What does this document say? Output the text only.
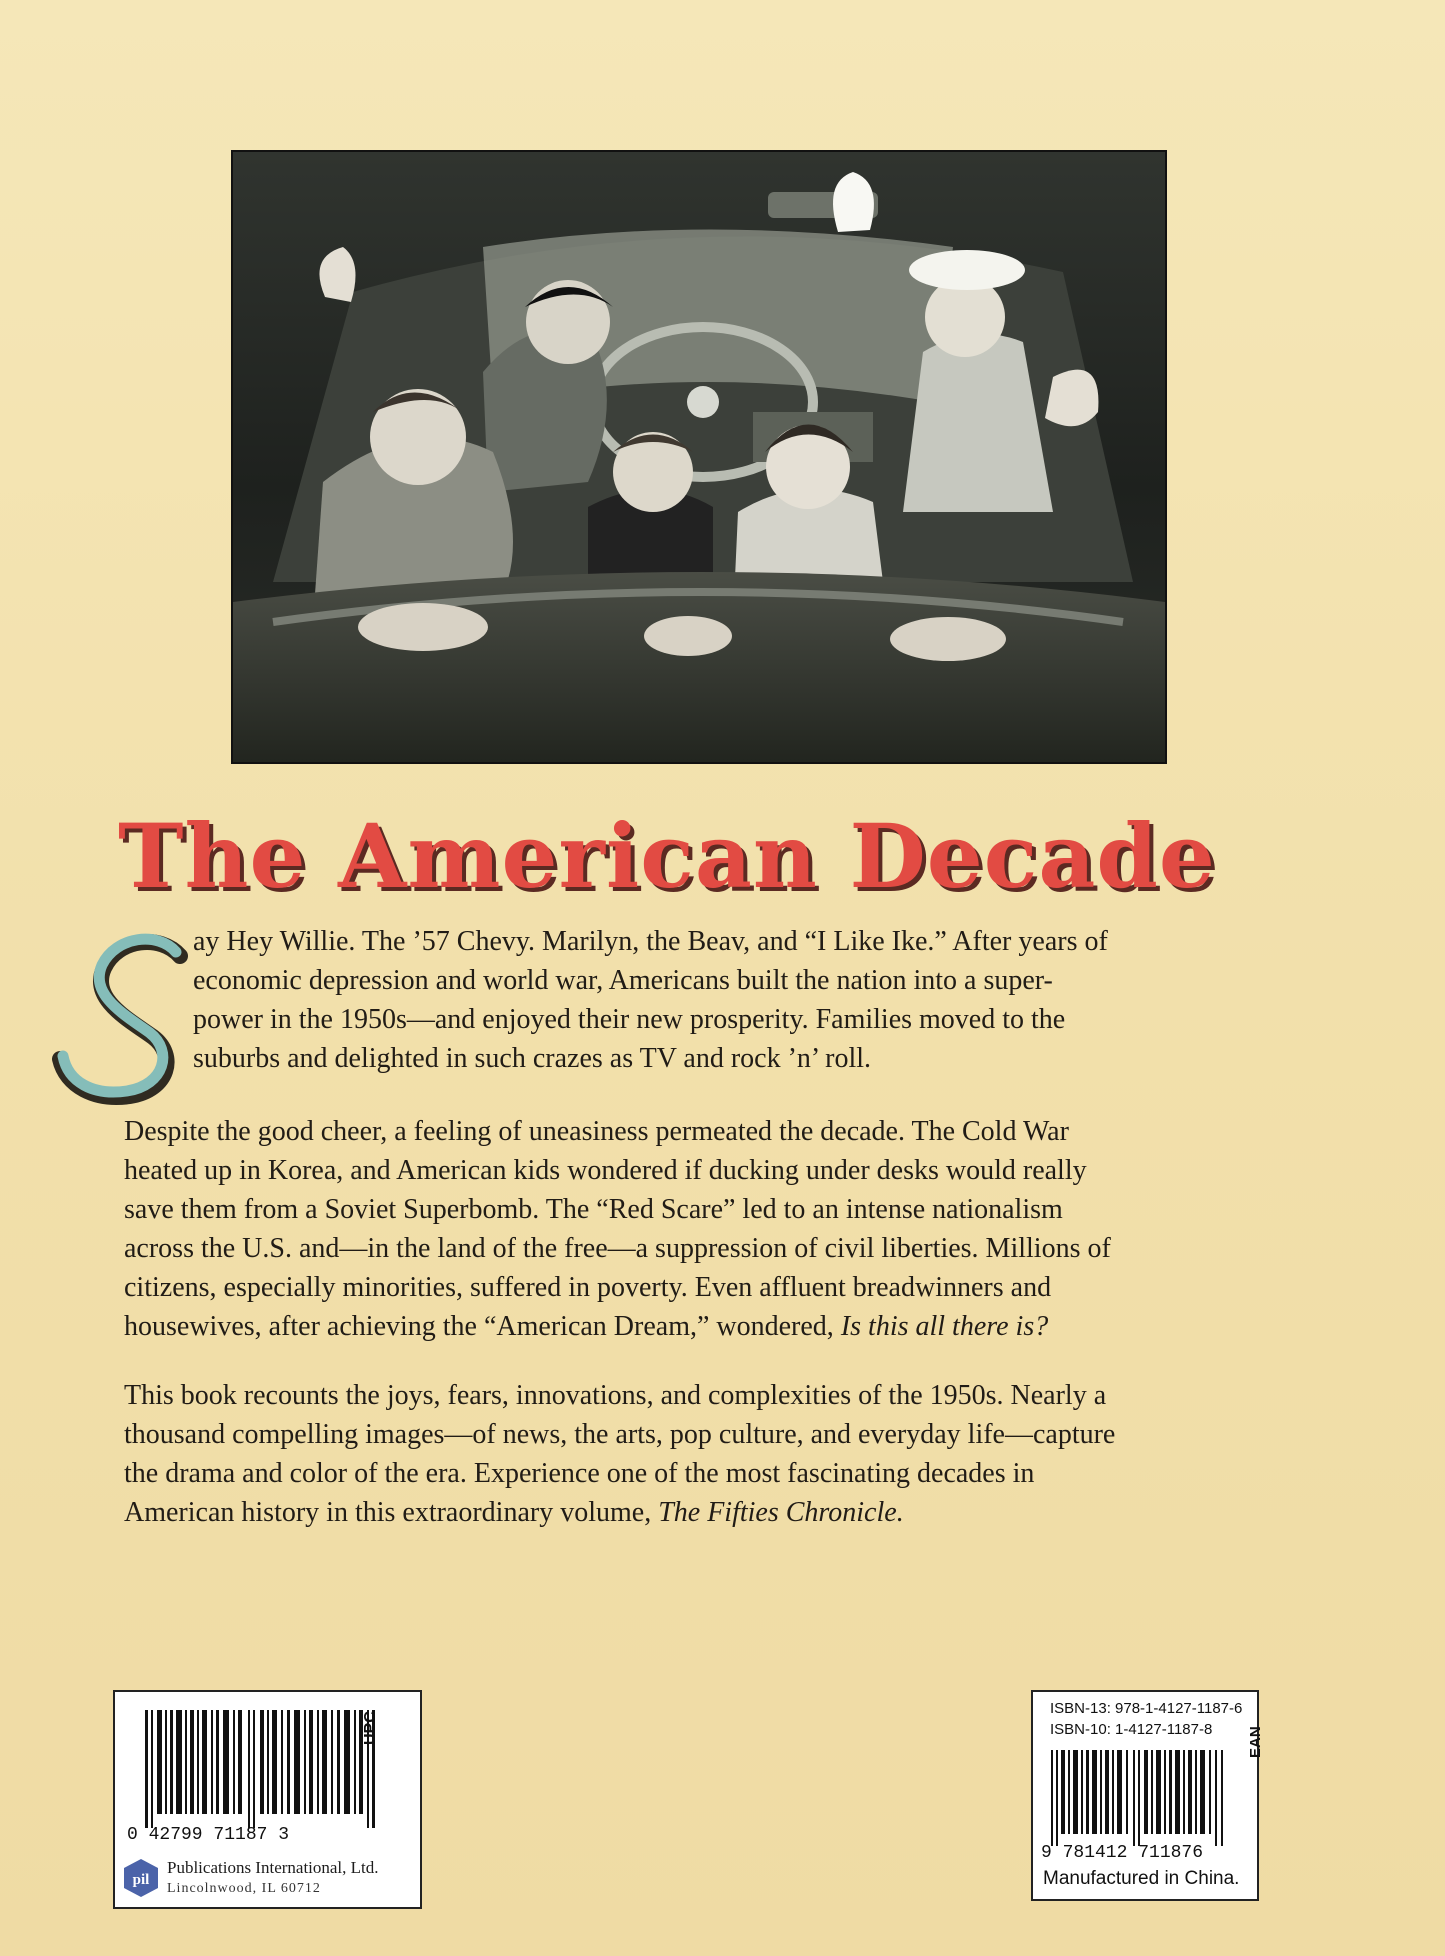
The American Decade
ay Hey Willie. The ’57 Chevy. Marilyn, the Beav, and “I Like Ike.” After years of
economic depression and world war, Americans built the nation into a super-
power in the 1950s—and enjoyed their new prosperity. Families moved to the
suburbs and delighted in such crazes as TV and rock ’n’ roll.
Despite the good cheer, a feeling of uneasiness permeated the decade. The Cold War
heated up in Korea, and American kids wondered if ducking under desks would really
save them from a Soviet Superbomb. The “Red Scare” led to an intense nationalism
across the U.S. and—in the land of the free—a suppression of civil liberties. Millions of
citizens, especially minorities, suffered in poverty. Even affluent breadwinners and
housewives, after achieving the “American Dream,” wondered, Is this all there is?
This book recounts the joys, fears, innovations, and complexities of the 1950s. Nearly a
thousand compelling images—of news, the arts, pop culture, and everyday life—capture
the drama and color of the era. Experience one of the most fascinating decades in
American history in this extraordinary volume, The Fifties Chronicle.
0 42799 71187 3
pil
Publications International, Ltd.
Lincolnwood, IL 60712
UPC
ISBN-13: 978-1-4127-1187-6
ISBN-10: 1-4127-1187-8
9 781412 711876
Manufactured in China.
EAN
